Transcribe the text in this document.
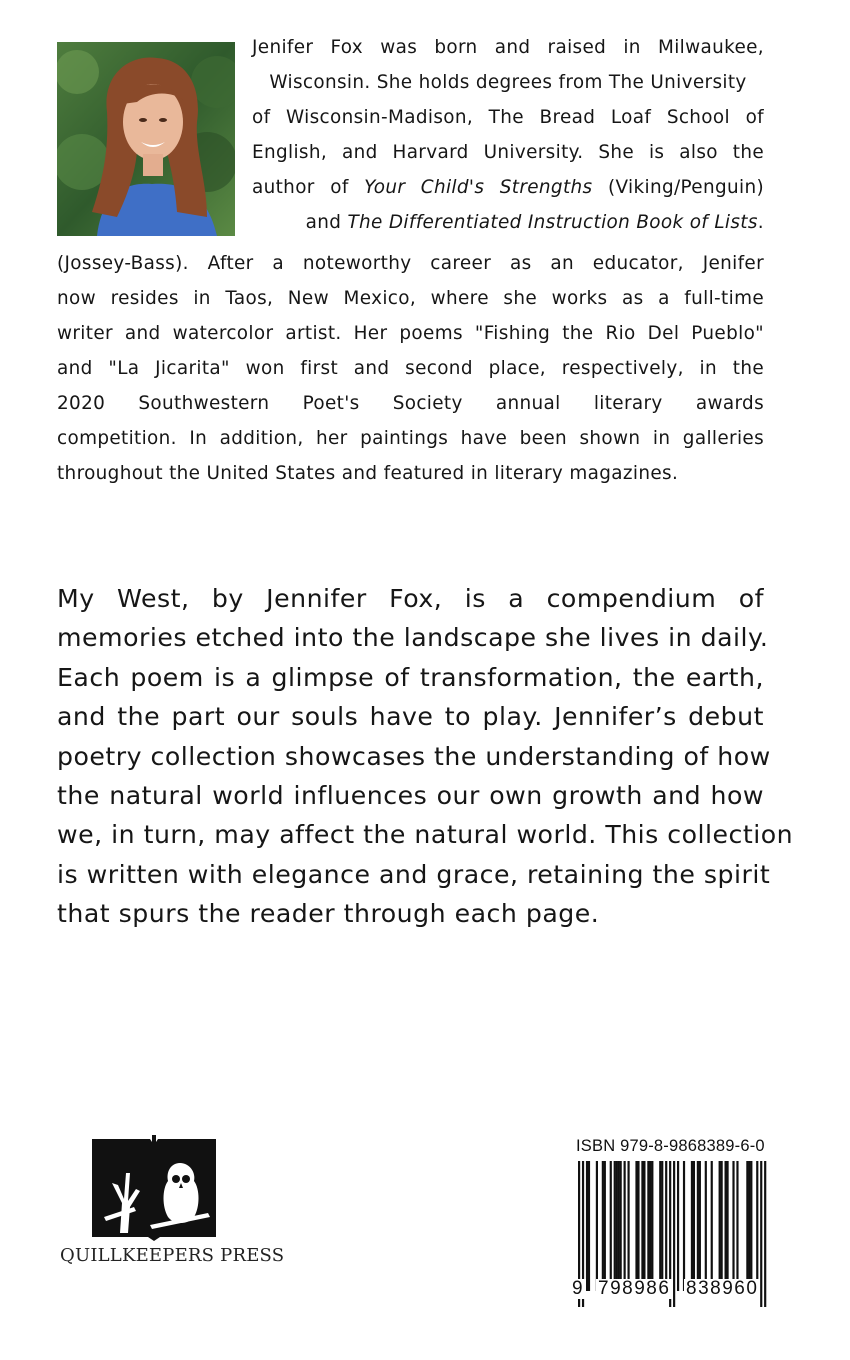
Jenifer Fox was born and raised in Milwaukee,
Wisconsin. She holds degrees from The University
of Wisconsin-Madison, The Bread Loaf School of
English, and Harvard University. She is also the
author of Your Child's Strengths (Viking/Penguin)
and The Differentiated Instruction Book of Lists.
(Jossey-Bass). After a noteworthy career as an educator, Jenifer
now resides in Taos, New Mexico, where she works as a full-time
writer and watercolor artist. Her poems "Fishing the Rio Del Pueblo"
and "La Jicarita" won first and second place, respectively, in the
2020 Southwestern Poet's Society annual literary awards
competition. In addition, her paintings have been shown in galleries
throughout the United States and featured in literary magazines.
My West, by Jennifer Fox, is a compendium of
memories etched into the landscape she lives in daily.
Each poem is a glimpse of transformation, the earth,
and the part our souls have to play. Jennifer’s debut
poetry collection showcases the understanding of how
the natural world influences our own growth and how
we, in turn, may affect the natural world. This collection
is written with elegance and grace, retaining the spirit
that spurs the reader through each page.
QUILLKEEPERS PRESS
ISBN 979-8-9868389-6-0
9 798986 838960
